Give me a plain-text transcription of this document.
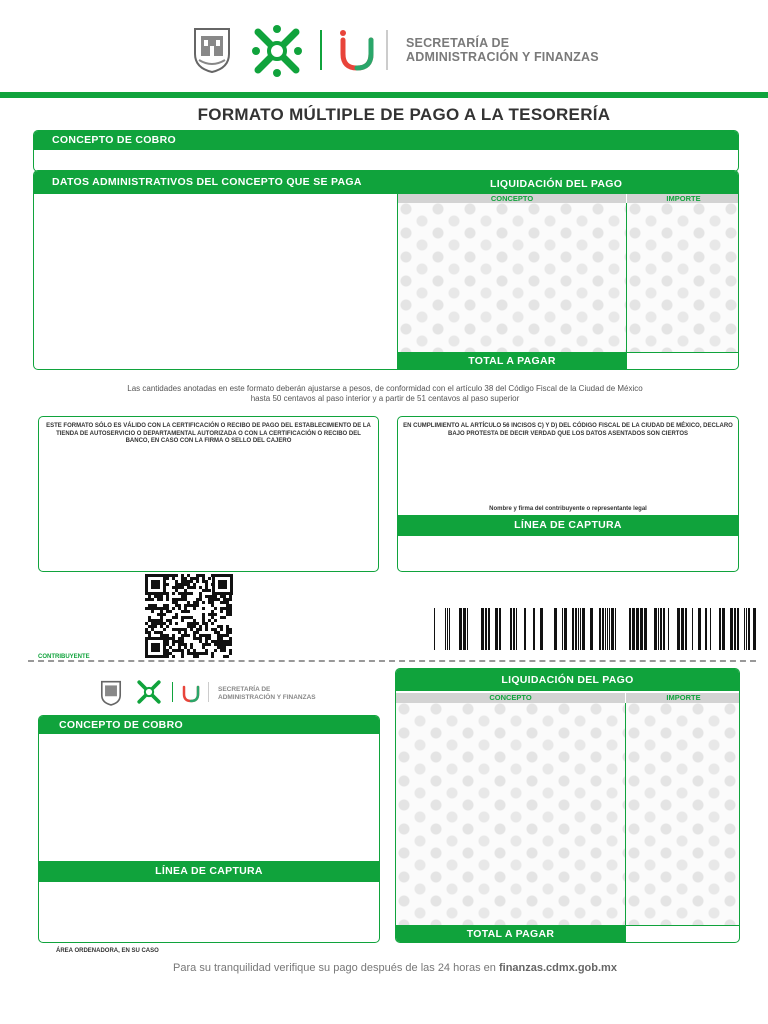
SECRETARÍA DE
ADMINISTRACIÓN Y FINANZAS
FORMATO MÚLTIPLE DE PAGO A LA TESORERÍA
CONCEPTO DE COBRO
DATOS ADMINISTRATIVOS DEL CONCEPTO QUE SE PAGA	LIQUIDACIÓN DEL PAGO
CONCEPTO	IMPORTE
TOTAL A PAGAR
Las cantidades anotadas en este formato deberán ajustarse a pesos, de conformidad con el artículo 38 del Código Fiscal de la Ciudad de México
hasta 50 centavos al paso interior y a partir de 51 centavos al paso superior
ESTE FORMATO SÓLO ES VÁLIDO CON LA CERTIFICACIÓN O RECIBO DE PAGO DEL ESTABLECIMIENTO DE LA TIENDA DE AUTOSERVICIO O DEPARTAMENTAL AUTORIZADA O CON LA CERTIFICACIÓN O RECIBO DEL BANCO, EN CASO CON LA FIRMA O SELLO DEL CAJERO
EN CUMPLIMIENTO AL ARTÍCULO 56 INCISOS C) Y D) DEL CÓDIGO FISCAL DE LA CIUDAD DE MÉXICO, DECLARO BAJO PROTESTA DE DECIR VERDAD QUE LOS DATOS ASENTADOS SON CIERTOS
Nombre y firma del contribuyente o representante legal
LÍNEA DE CAPTURA
CONTRIBUYENTE
SECRETARÍA DE
ADMINISTRACIÓN Y FINANZAS
CONCEPTO DE COBRO
LÍNEA DE CAPTURA
ÁREA ORDENADORA, EN SU CASO
LIQUIDACIÓN DEL PAGO
CONCEPTO	IMPORTE
TOTAL A PAGAR
Para su tranquilidad verifique su pago después de las 24 horas en finanzas.cdmx.gob.mx
